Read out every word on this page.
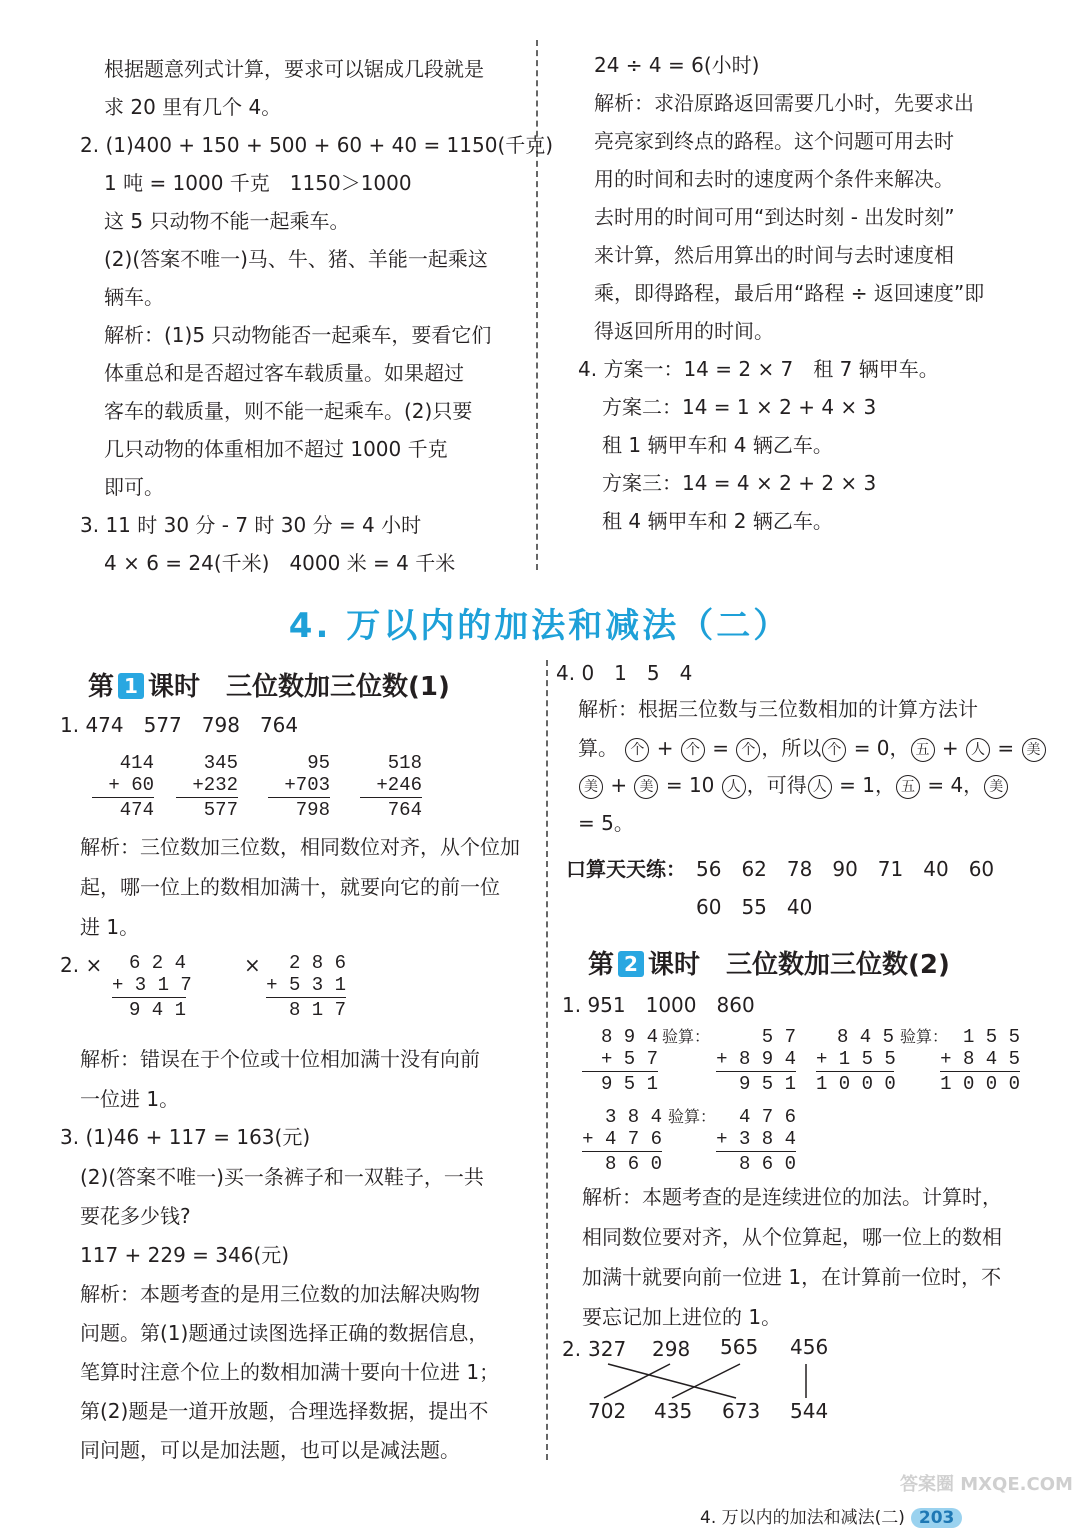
根据题意列式计算，要求可以锯成几段就是
求 20 里有几个 4。
2. (1)400 + 150 + 500 + 60 + 40 = 1150(千克)
1 吨 = 1000 千克　1150＞1000
这 5 只动物不能一起乘车。
(2)(答案不唯一)马、牛、猪、羊能一起乘这
辆车。
解析：(1)5 只动物能否一起乘车，要看它们
体重总和是否超过客车载质量。如果超过
客车的载质量，则不能一起乘车。(2)只要
几只动物的体重相加不超过 1000 千克
即可。
3. 11 时 30 分 - 7 时 30 分 = 4 小时
4 × 6 = 24(千米)　4000 米 = 4 千米
24 ÷ 4 = 6(小时)
解析：求沿原路返回需要几小时，先要求出
亮亮家到终点的路程。这个问题可用去时
用的时间和去时的速度两个条件来解决。
去时用的时间可用“到达时刻 - 出发时刻”
来计算，然后用算出的时间与去时速度相
乘，即得路程，最后用“路程 ÷ 返回速度”即
得返回所用的时间。
4. 方案一：14 = 2 × 7　租 7 辆甲车。
方案二：14 = 1 × 2 + 4 × 3
租 1 辆甲车和 4 辆乙车。
方案三：14 = 4 × 2 + 2 × 3
租 4 辆甲车和 2 辆乙车。
4. 万以内的加法和减法（二）
第 1 课时　三位数加三位数(1)
1. 474　577　798　764
414
+ 60
474
345
+232
577
95
+703
798
518
+246
764
解析：三位数加三位数，相同数位对齐，从个位加
起，哪一位上的数相加满十，就要向它的前一位
进 1。
2. ×	6 2 4
+ 3 1 7
9 4 1
×	2 8 6
+ 5 3 1
8 1 7
解析：错误在于个位或十位相加满十没有向前
一位进 1。
3. (1)46 + 117 = 163(元)
(2)(答案不唯一)买一条裤子和一双鞋子，一共
要花多少钱?
117 + 229 = 346(元)
解析：本题考查的是用三位数的加法解决购物
问题。第(1)题通过读图选择正确的数据信息，
笔算时注意个位上的数相加满十要向十位进 1；
第(2)题是一道开放题，合理选择数据，提出不
同问题，可以是加法题，也可以是减法题。
4. 0　1　5　4
解析：根据三位数与三位数相加的计算方法计
算。 个 + 个 = 个 ，所以 个 = 0， 五 + 人 = 美
美 + 美 = 10 人 ，可得 人 = 1， 五 = 4， 美
= 5。
口算天天练： 56　62　78　90　71　40　60
60　55　40
第 2 课时　三位数加三位数(2)
1. 951　1000　860
8 9 4
+ 5 7
9 5 1
验算：	5 7
+ 8 9 4
9 5 1
8 4 5
+ 1 5 5
1 0 0 0
验算： 1 5 5
+ 8 4 5
1 0 0 0
3 8 4
+ 4 7 6
8 6 0
验算：	4 7 6
+ 3 8 4
8 6 0
解析：本题考查的是连续进位的加法。计算时，
相同数位要对齐，从个位算起，哪一位上的数相
加满十就要向前一位进 1，在计算前一位时，不
要忘记加上进位的 1。
2. 327 298 565 456
702 435 673 544
4. 万以内的加法和减法(二) 203
答案圈 MXQE.COM
